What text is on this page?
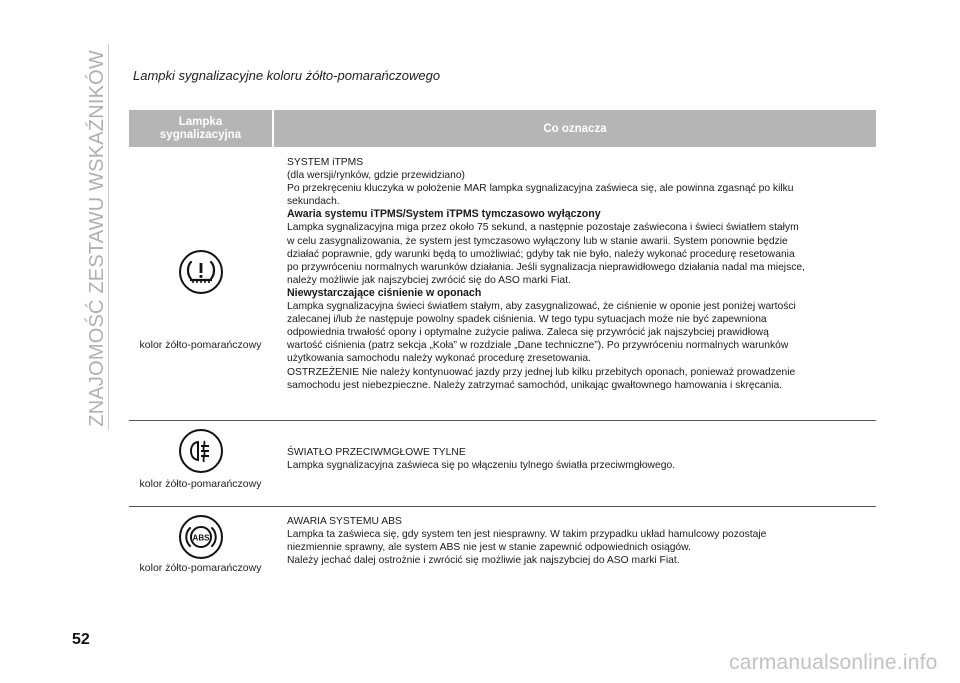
ZNAJOMOŚĆ ZESTAWU WSKAŹNIKÓW Lampki sygnalizacyjne koloru żółto-pomarańczowego
Lampka
sygnalizacyjna	Co oznacza
kolor żółto-pomarańczowy
SYSTEM iTPMS
(dla wersji/rynków, gdzie przewidziano)
Po przekręceniu kluczyka w położenie MAR lampka sygnalizacyjna zaświeca się, ale powinna zgasnąć po kilku
sekundach.
Awaria systemu iTPMS/System iTPMS tymczasowo wyłączony
Lampka sygnalizacyjna miga przez około 75 sekund, a następnie pozostaje zaświecona i świeci światłem stałym
w celu zasygnalizowania, że system jest tymczasowo wyłączony lub w stanie awarii. System ponownie będzie
działać poprawnie, gdy warunki będą to umożliwiać; gdyby tak nie było, należy wykonać procedurę resetowania
po przywróceniu normalnych warunków działania. Jeśli sygnalizacja nieprawidłowego działania nadal ma miejsce,
należy możliwie jak najszybciej zwrócić się do ASO marki Fiat.
Niewystarczające ciśnienie w oponach
Lampka sygnalizacyjna świeci światłem stałym, aby zasygnalizować, że ciśnienie w oponie jest poniżej wartości
zalecanej i/lub że następuje powolny spadek ciśnienia. W tego typu sytuacjach może nie być zapewniona
odpowiednia trwałość opony i optymalne zużycie paliwa. Zaleca się przywrócić jak najszybciej prawidłową
wartość ciśnienia (patrz sekcja „Koła” w rozdziale „Dane techniczne”). Po przywróceniu normalnych warunków
użytkowania samochodu należy wykonać procedurę zresetowania.
OSTRZEŻENIE Nie należy kontynuować jazdy przy jednej lub kilku przebitych oponach, ponieważ prowadzenie
samochodu jest niebezpieczne. Należy zatrzymać samochód, unikając gwałtownego hamowania i skręcania.
kolor żółto-pomarańczowy
ŚWIATŁO PRZECIWMGŁOWE TYLNE
Lampka sygnalizacyjna zaświeca się po włączeniu tylnego światła przeciwmgłowego.
ABS
kolor żółto-pomarańczowy
AWARIA SYSTEMU ABS
Lampka ta zaświeca się, gdy system ten jest niesprawny. W takim przypadku układ hamulcowy pozostaje
niezmiennie sprawny, ale system ABS nie jest w stanie zapewnić odpowiednich osiągów.
Należy jechać dalej ostrożnie i zwrócić się możliwie jak najszybciej do ASO marki Fiat.
52
carmanualsonline.info
